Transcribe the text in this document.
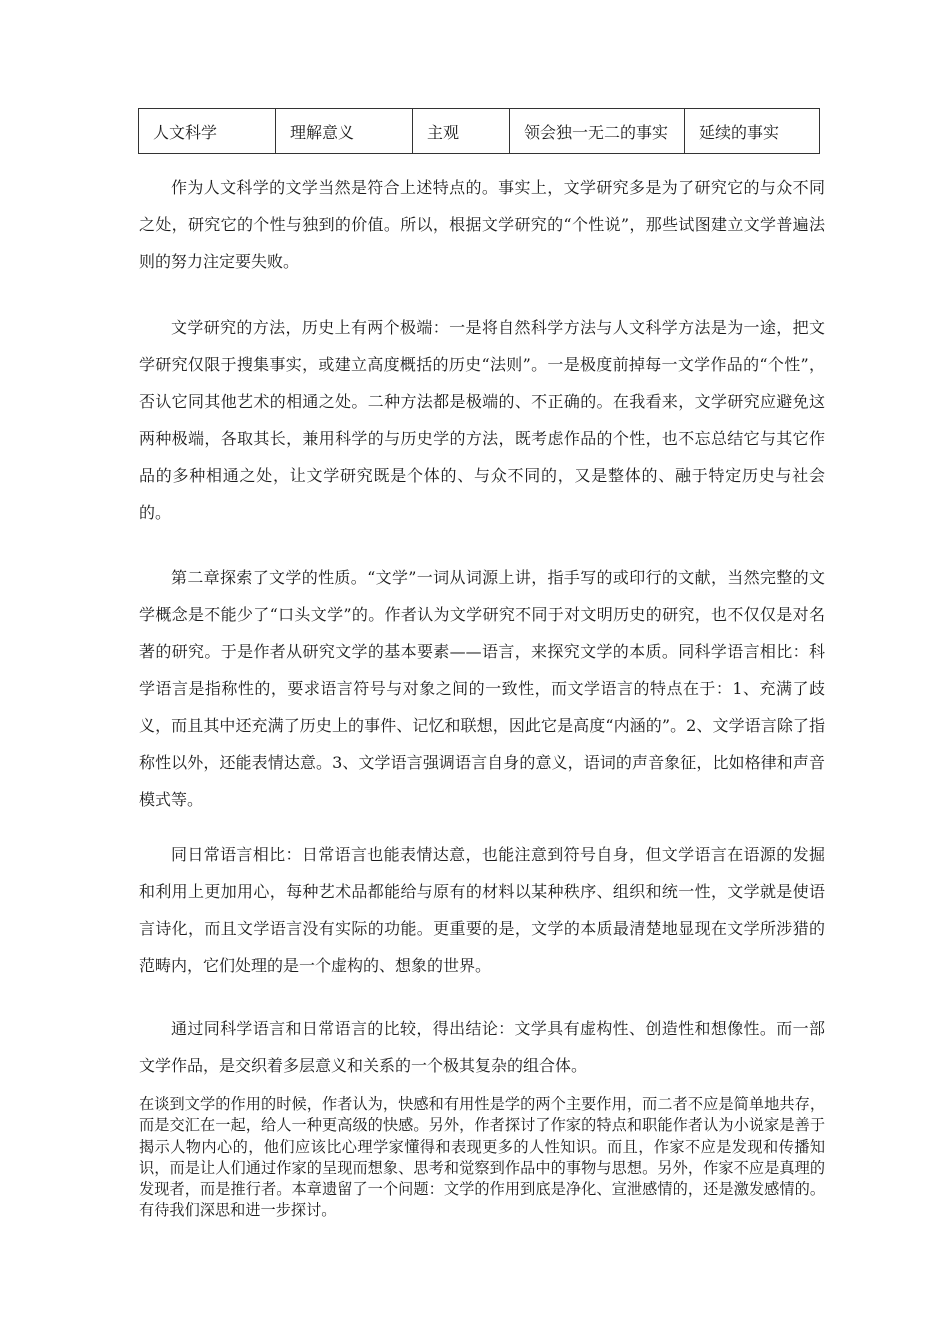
人文科学	理解意义	主观	领会独一无二的事实	延续的事实

作为人文科学的文学当然是符合上述特点的。事实上，文学研究多是为了研究它的与众不同之处，研究它的个性与独到的价值。所以，根据文学研究的“个性说”，那些试图建立文学普遍法则的努力注定要失败。

文学研究的方法，历史上有两个极端：一是将自然科学方法与人文科学方法是为一途，把文学研究仅限于搜集事实，或建立高度概括的历史“法则”。一是极度前掉每一文学作品的“个性”，否认它同其他艺术的相通之处。二种方法都是极端的、不正确的。在我看来，文学研究应避免这两种极端，各取其长，兼用科学的与历史学的方法，既考虑作品的个性，也不忘总结它与其它作品的多种相通之处，让文学研究既是个体的、与众不同的，又是整体的、融于特定历史与社会的。

第二章探索了文学的性质。“文学”一词从词源上讲，指手写的或印行的文献，当然完整的文学概念是不能少了“口头文学”的。作者认为文学研究不同于对文明历史的研究，也不仅仅是对名著的研究。于是作者从研究文学的基本要素——语言，来探究文学的本质。同科学语言相比：科学语言是指称性的，要求语言符号与对象之间的一致性，而文学语言的特点在于：1、充满了歧义，而且其中还充满了历史上的事件、记忆和联想，因此它是高度“内涵的”。2、文学语言除了指称性以外，还能表情达意。3、文学语言强调语言自身的意义，语词的声音象征，比如格律和声音模式等。

同日常语言相比：日常语言也能表情达意，也能注意到符号自身，但文学语言在语源的发掘和利用上更加用心，每种艺术品都能给与原有的材料以某种秩序、组织和统一性，文学就是使语言诗化，而且文学语言没有实际的功能。更重要的是，文学的本质最清楚地显现在文学所涉猎的范畴内，它们处理的是一个虚构的、想象的世界。

通过同科学语言和日常语言的比较，得出结论：文学具有虚构性、创造性和想像性。而一部文学作品，是交织着多层意义和关系的一个极其复杂的组合体。

在谈到文学的作用的时候，作者认为，快感和有用性是学的两个主要作用，而二者不应是简单地共存，而是交汇在一起，给人一种更高级的快感。另外，作者探讨了作家的特点和职能作者认为小说家是善于揭示人物内心的，他们应该比心理学家懂得和表现更多的人性知识。而且，作家不应是发现和传播知识，而是让人们通过作家的呈现而想象、思考和觉察到作品中的事物与思想。另外，作家不应是真理的发现者，而是推行者。本章遗留了一个问题：文学的作用到底是净化、宣泄感情的，还是激发感情的。有待我们深思和进一步探讨。
